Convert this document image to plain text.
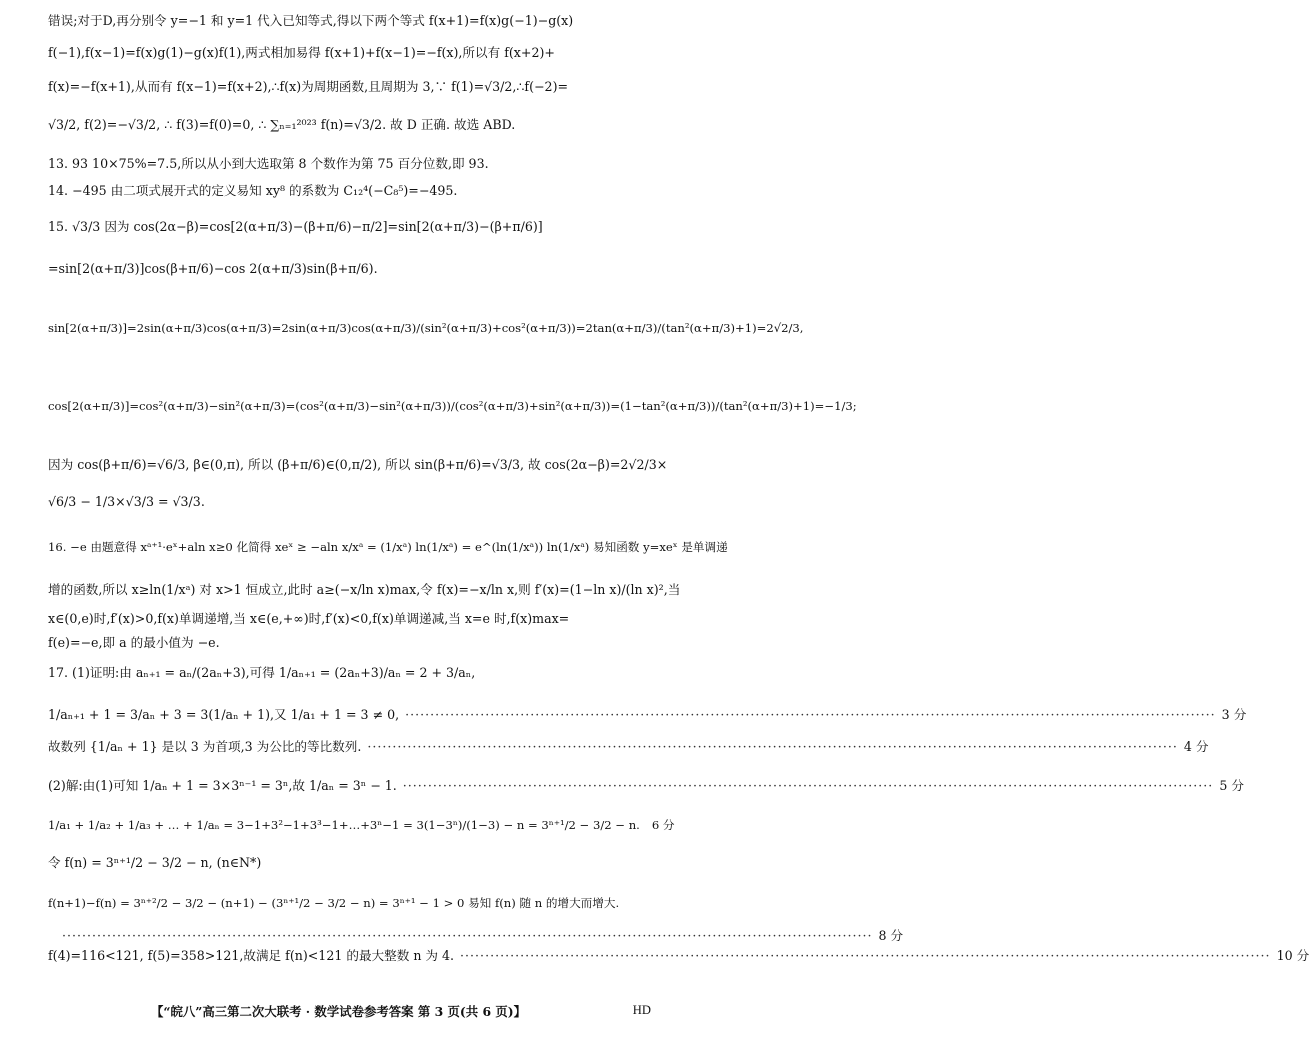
错误;对于D,再分别令 y=−1 和 y=1 代入已知等式,得以下两个等式 f(x+1)=f(x)g(−1)−g(x)
f(−1),f(x−1)=f(x)g(1)−g(x)f(1),两式相加易得 f(x+1)+f(x−1)=−f(x),所以有 f(x+2)+
f(x)=−f(x+1),从而有 f(x−1)=f(x+2),∴f(x)为周期函数,且周期为 3,∵ f(1)=√3/2,∴f(−2)=
√3/2, f(2)=−√3/2, ∴ f(3)=f(0)=0, ∴ ∑ₙ₌₁²⁰²³ f(n)=√3/2. 故 D 正确. 故选 ABD.
13. 93 10×75%=7.5,所以从小到大选取第 8 个数作为第 75 百分位数,即 93.
14. −495 由二项式展开式的定义易知 xy⁸ 的系数为 C₁₂⁴(−C₈⁵)=−495.
15. √3/3 因为 cos(2α−β)=cos[2(α+π/3)−(β+π/6)−π/2]=sin[2(α+π/3)−(β+π/6)]
=sin[2(α+π/3)]cos(β+π/6)−cos 2(α+π/3)sin(β+π/6).
sin[2(α+π/3)]=2sin(α+π/3)cos(α+π/3)=2sin(α+π/3)cos(α+π/3)/(sin²(α+π/3)+cos²(α+π/3))=2tan(α+π/3)/(tan²(α+π/3)+1)=2√2/3,
cos[2(α+π/3)]=cos²(α+π/3)−sin²(α+π/3)=(cos²(α+π/3)−sin²(α+π/3))/(cos²(α+π/3)+sin²(α+π/3))=(1−tan²(α+π/3))/(tan²(α+π/3)+1)=−1/3;
因为 cos(β+π/6)=√6/3, β∈(0,π), 所以 (β+π/6)∈(0,π/2), 所以 sin(β+π/6)=√3/3, 故 cos(2α−β)=2√2/3×
√6/3 − 1/3×√3/3 = √3/3.
16. −e 由题意得 xᵃ⁺¹·eˣ+aln x≥0 化简得 xeˣ ≥ −aln x/xᵃ = (1/xᵃ) ln(1/xᵃ) = e^(ln(1/xᵃ)) ln(1/xᵃ) 易知函数 y=xeˣ 是单调递
增的函数,所以 x≥ln(1/xᵃ) 对 x>1 恒成立,此时 a≥(−x/ln x)max,令 f(x)=−x/ln x,则 f′(x)=(1−ln x)/(ln x)²,当
x∈(0,e)时,f′(x)>0,f(x)单调递增,当 x∈(e,+∞)时,f′(x)<0,f(x)单调递减,当 x=e 时,f(x)max=
f(e)=−e,即 a 的最小值为 −e.
17. (1)证明:由 aₙ₊₁ = aₙ/(2aₙ+3),可得 1/aₙ₊₁ = (2aₙ+3)/aₙ = 2 + 3/aₙ,
1/aₙ₊₁ + 1 = 3/aₙ + 3 = 3(1/aₙ + 1),又 1/a₁ + 1 = 3 ≠ 0, ·····	3 分
故数列 {1/aₙ + 1} 是以 3 为首项,3 为公比的等比数列. ·····	4 分
(2)解:由(1)可知 1/aₙ + 1 = 3×3ⁿ⁻¹ = 3ⁿ,故 1/aₙ = 3ⁿ − 1. ·····	5 分
1/a₁ + 1/a₂ + 1/a₃ + … + 1/aₙ = 3−1+3²−1+3³−1+…+3ⁿ−1 = 3(1−3ⁿ)/(1−3) − n = 3ⁿ⁺¹/2 − 3/2 − n. 6 分
令 f(n) = 3ⁿ⁺¹/2 − 3/2 − n, (n∈N*)
f(n+1)−f(n) = 3ⁿ⁺²/2 − 3/2 − (n+1) − (3ⁿ⁺¹/2 − 3/2 − n) = 3ⁿ⁺¹ − 1 > 0 易知 f(n) 随 n 的增大而增大.
·····
8 分
f(4)=116<121, f(5)=358>121,故满足 f(n)<121 的最大整数 n 为 4. ·····	10 分
【“皖八”高三第二次大联考 · 数学试卷参考答案 第 3 页(共 6 页)】	HD
